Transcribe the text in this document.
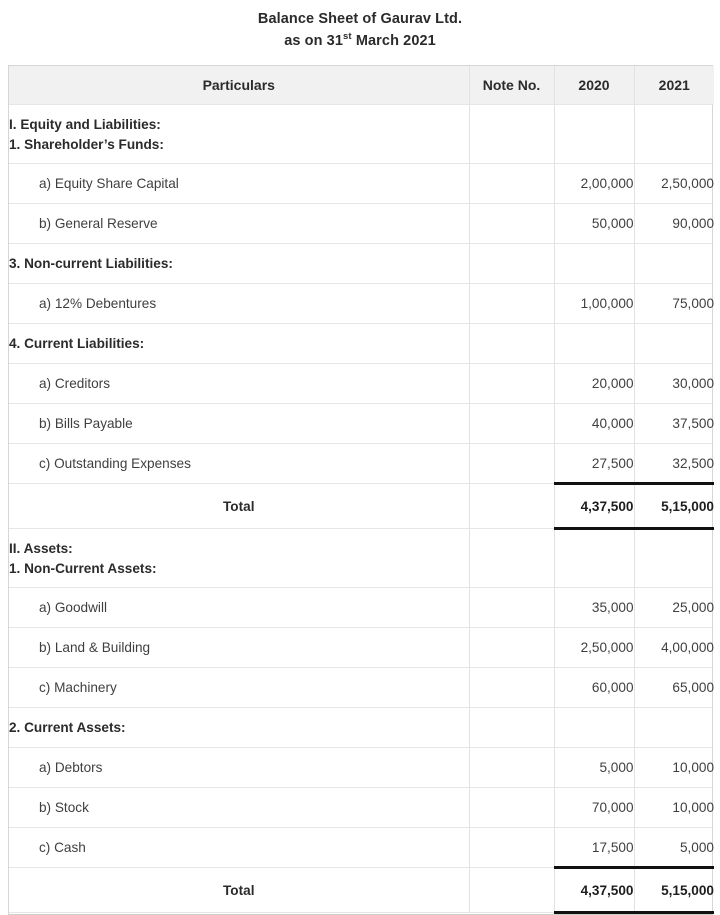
Balance Sheet of Gaurav Ltd.
as on 31st March 2021
Particulars	Note No.	2020	2021

I. Equity and Liabilities:
1. Shareholder’s Funds:			

a) Equity Share Capital		2,00,000	2,50,000
b) General Reserve		50,000	90,000
3. Non-current Liabilities:			
a) 12% Debentures		1,00,000	75,000
4. Current Liabilities:			
a) Creditors		20,000	30,000
b) Bills Payable		40,000	37,500
c) Outstanding Expenses		27,500	32,500
Total		4,37,500	5,15,000

II. Assets:
1. Non-Current Assets:			

a) Goodwill		35,000	25,000
b) Land & Building		2,50,000	4,00,000
c) Machinery		60,000	65,000
2. Current Assets:			
a) Debtors		5,000	10,000
b) Stock		70,000	10,000
c) Cash		17,500	5,000
Total		4,37,500	5,15,000
